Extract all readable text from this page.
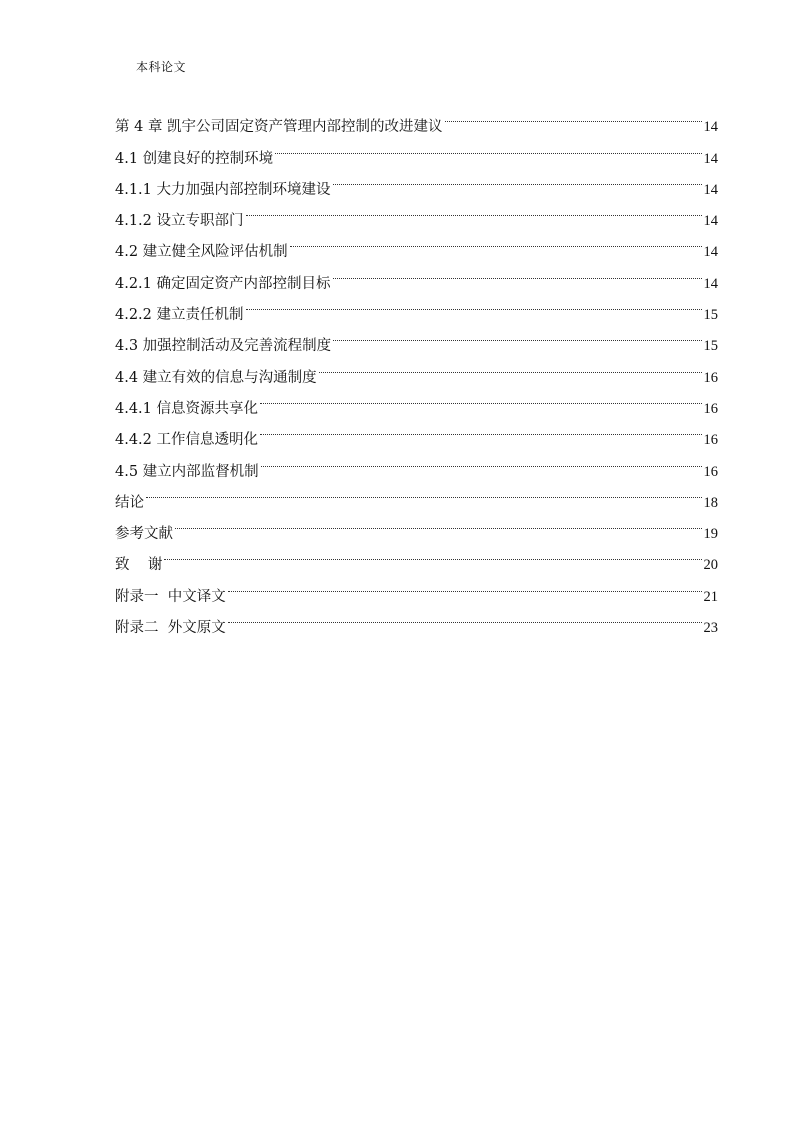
本科论文
第 4 章 凯宇公司固定资产管理内部控制的改进建议	14
4.1 创建良好的控制环境	14
4.1.1 大力加强内部控制环境建设	14
4.1.2 设立专职部门	14
4.2 建立健全风险评估机制	14
4.2.1 确定固定资产内部控制目标	14
4.2.2 建立责任机制	15
4.3 加强控制活动及完善流程制度	15
4.4 建立有效的信息与沟通制度	16
4.4.1 信息资源共享化	16
4.4.2 工作信息透明化	16
4.5 建立内部监督机制	16
结论	18
参考文献	19
致    谢	20
附录一  中文译文	21
附录二  外文原文	23
